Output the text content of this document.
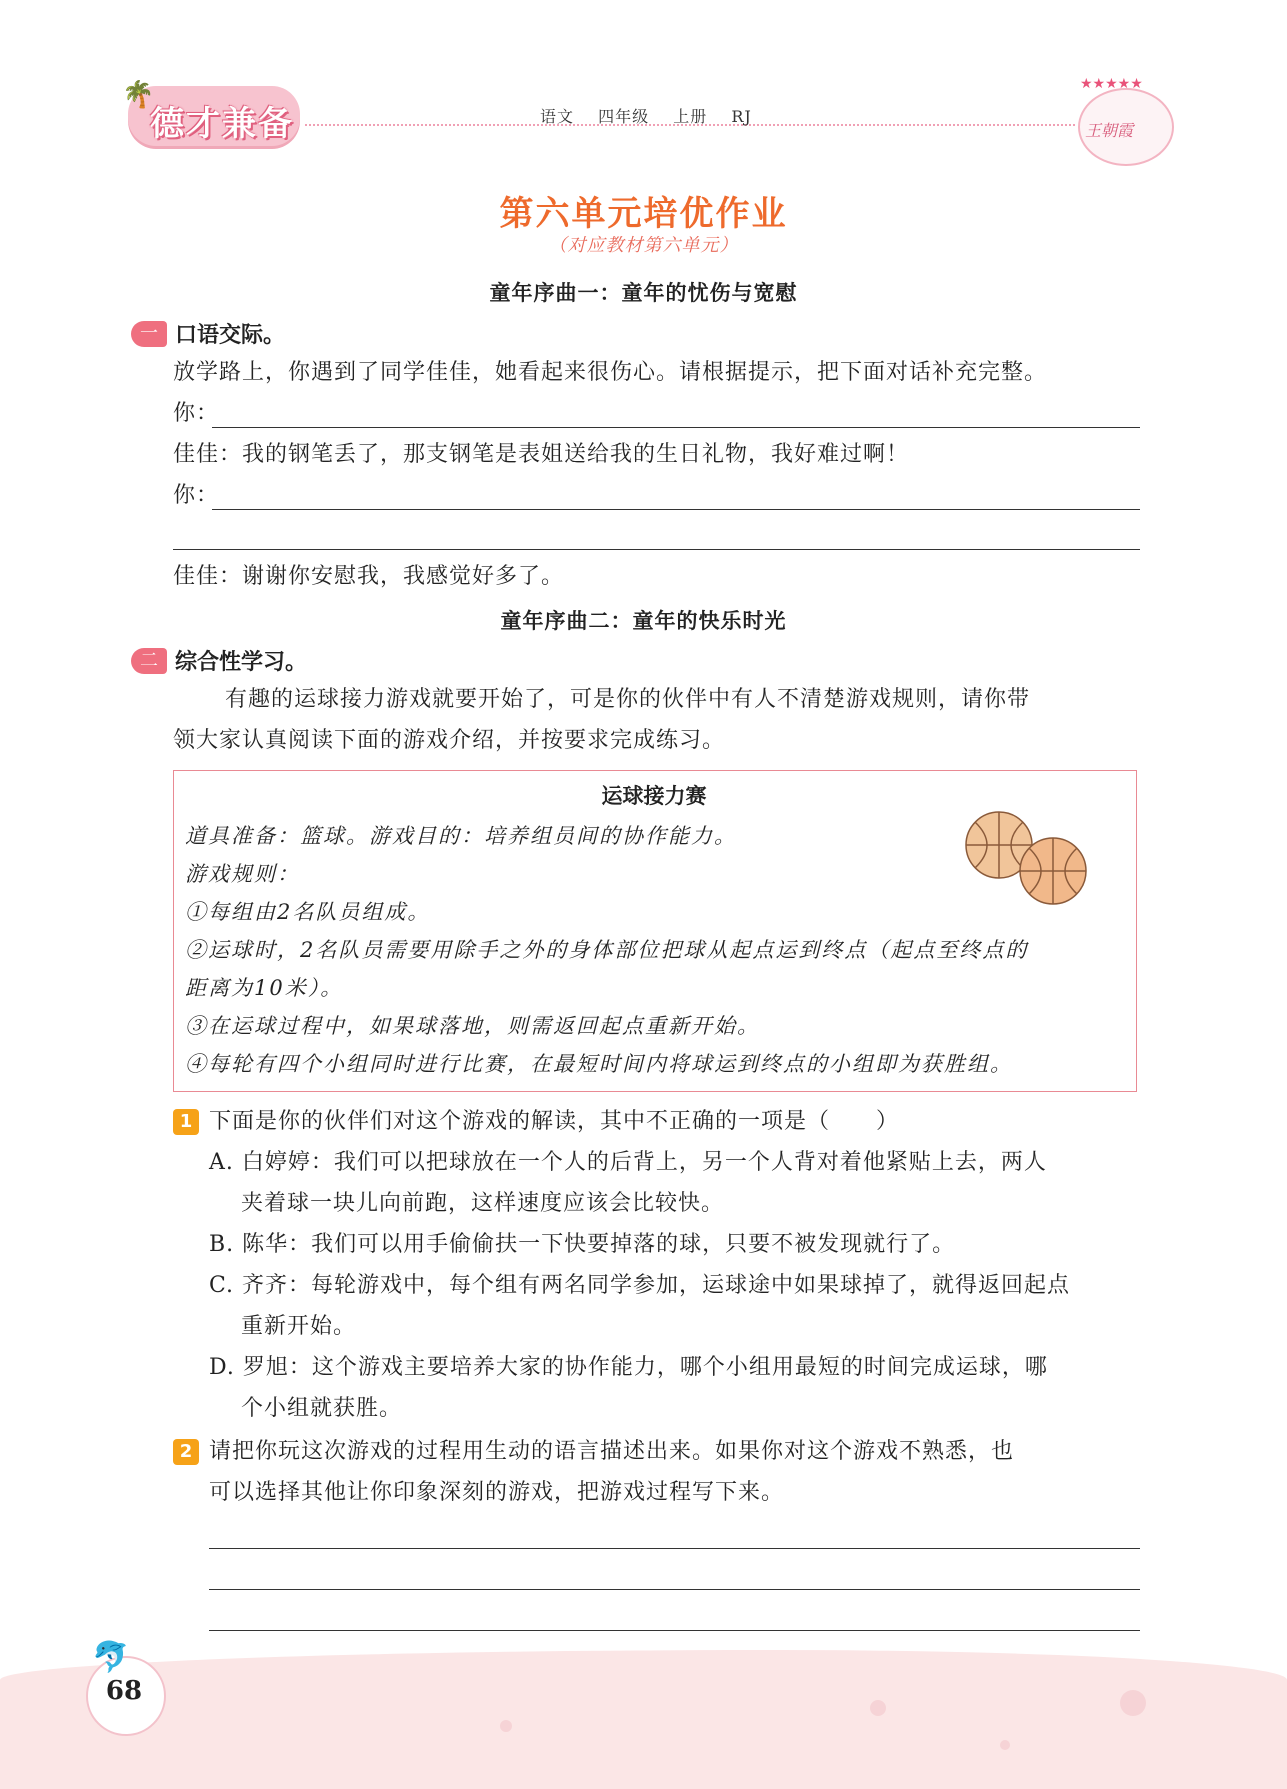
🌴
德才兼备	语文 四年级 上册 RJ
★★★★★
王朝霞
第六单元培优作业
（对应教材第六单元）
童年序曲一：童年的忧伤与宽慰
一 口语交际。
放学路上，你遇到了同学佳佳，她看起来很伤心。请根据提示，把下面对话补充完整。
你：
佳佳：我的钢笔丢了，那支钢笔是表姐送给我的生日礼物，我好难过啊！
你：
佳佳：谢谢你安慰我，我感觉好多了。
童年序曲二：童年的快乐时光
二 综合性学习。
有趣的运球接力游戏就要开始了，可是你的伙伴中有人不清楚游戏规则，请你带
领大家认真阅读下面的游戏介绍，并按要求完成练习。
运球接力赛
道具准备：篮球。游戏目的：培养组员间的协作能力。
游戏规则：
①每组由2名队员组成。
②运球时，2名队员需要用除手之外的身体部位把球从起点运到终点（起点至终点的
距离为10米）。
③在运球过程中，如果球落地，则需返回起点重新开始。
④每轮有四个小组同时进行比赛，在最短时间内将球运到终点的小组即为获胜组。
1 下面是你的伙伴们对这个游戏的解读，其中不正确的一项是（　　）
A. 白婷婷：我们可以把球放在一个人的后背上，另一个人背对着他紧贴上去，两人
夹着球一块儿向前跑，这样速度应该会比较快。
B. 陈华：我们可以用手偷偷扶一下快要掉落的球，只要不被发现就行了。
C. 齐齐：每轮游戏中，每个组有两名同学参加，运球途中如果球掉了，就得返回起点
重新开始。
D. 罗旭：这个游戏主要培养大家的协作能力，哪个小组用最短的时间完成运球，哪
个小组就获胜。
2 请把你玩这次游戏的过程用生动的语言描述出来。如果你对这个游戏不熟悉，也
可以选择其他让你印象深刻的游戏，把游戏过程写下来。
🐬
68
